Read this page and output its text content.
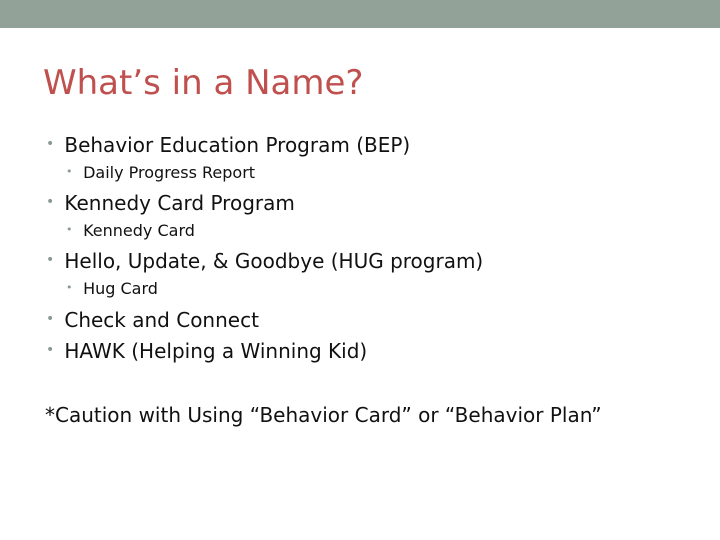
What’s in a Name?
• Behavior Education Program (BEP)
• Daily Progress Report
• Kennedy Card Program
• Kennedy Card
• Hello, Update, & Goodbye (HUG program)
• Hug Card
• Check and Connect
• HAWK (Helping a Winning Kid)

*Caution with Using “Behavior Card” or “Behavior Plan”
